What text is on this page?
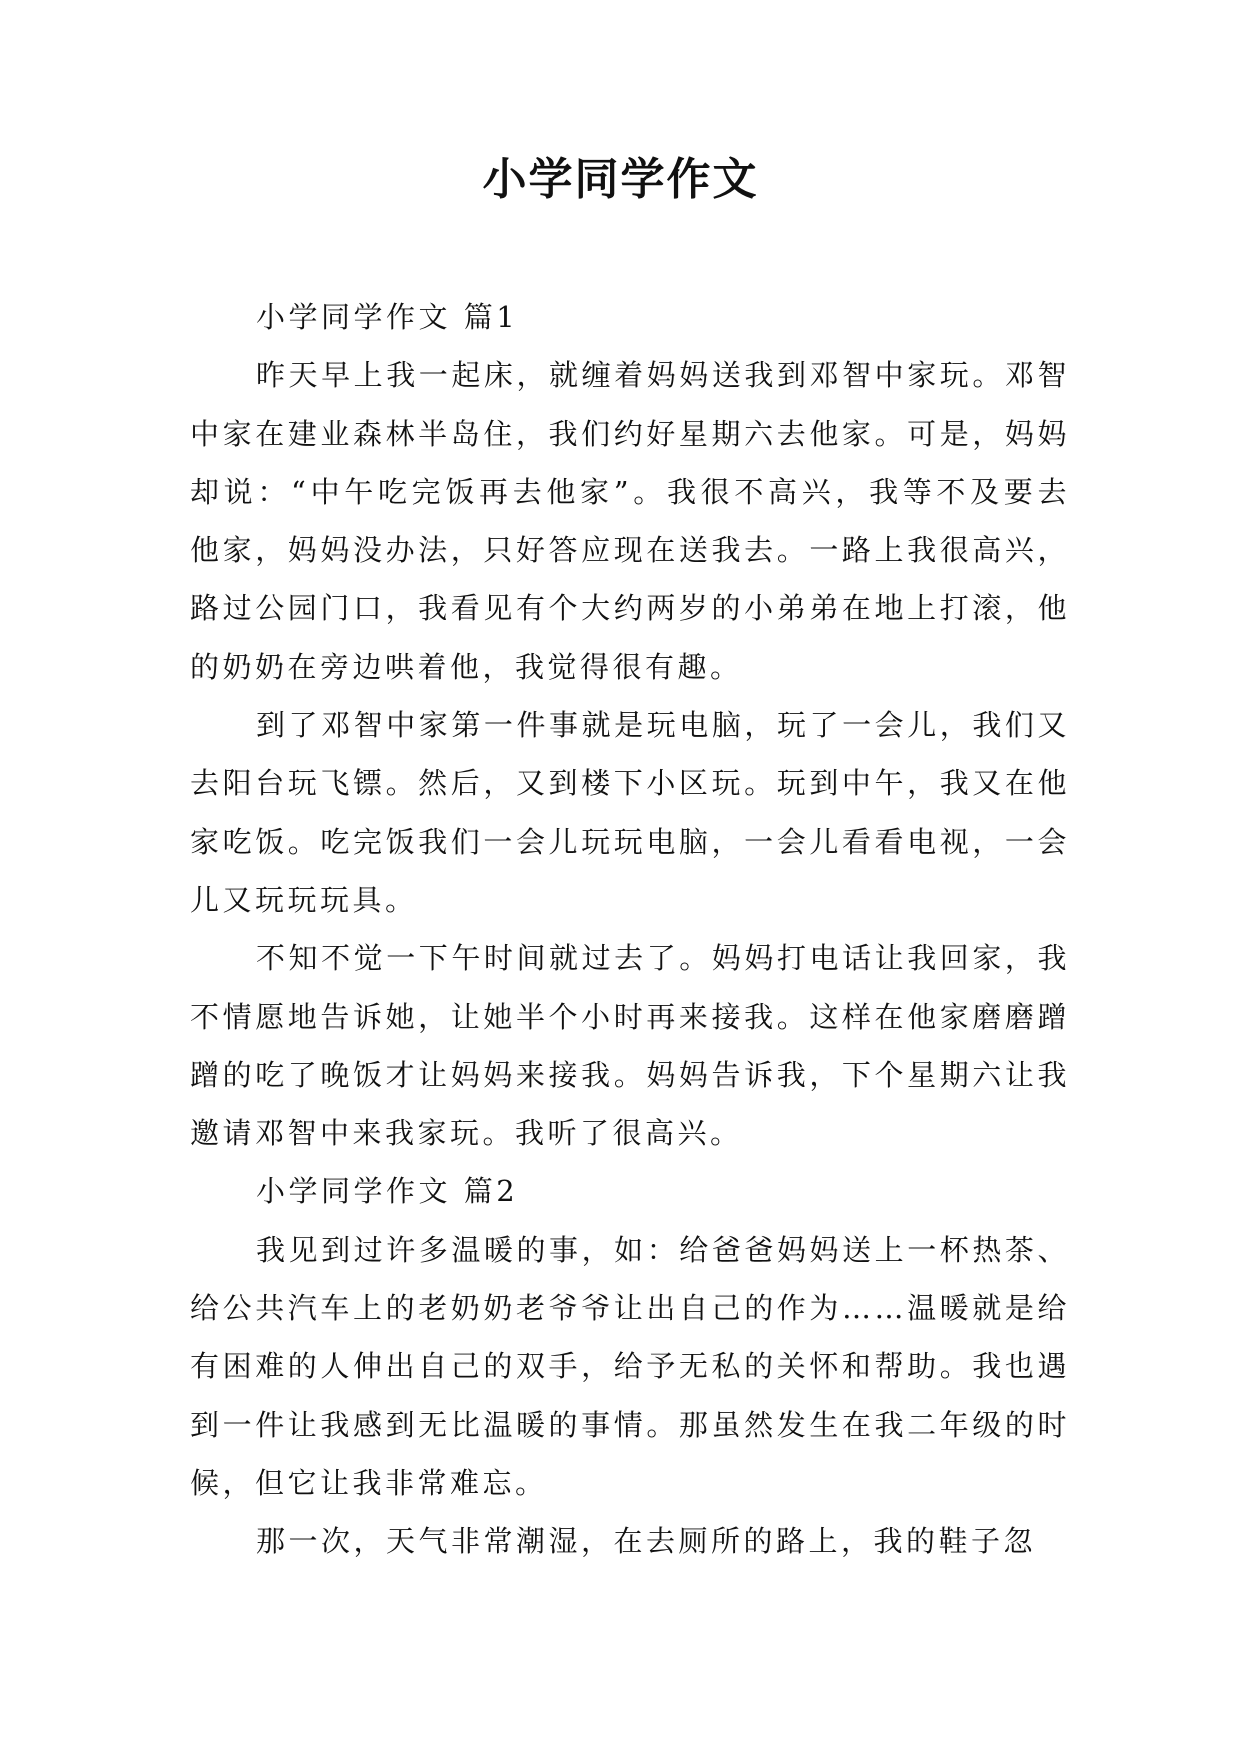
小学同学作文

小学同学作文 篇1

昨天早上我一起床，就缠着妈妈送我到邓智中家玩。邓智中家在建业森林半岛住，我们约好星期六去他家。可是，妈妈却说：“中午吃完饭再去他家”。我很不高兴，我等不及要去他家，妈妈没办法，只好答应现在送我去。一路上我很高兴，路过公园门口，我看见有个大约两岁的小弟弟在地上打滚，他的奶奶在旁边哄着他，我觉得很有趣。

到了邓智中家第一件事就是玩电脑，玩了一会儿，我们又去阳台玩飞镖。然后，又到楼下小区玩。玩到中午，我又在他家吃饭。吃完饭我们一会儿玩玩电脑，一会儿看看电视，一会儿又玩玩玩具。

不知不觉一下午时间就过去了。妈妈打电话让我回家，我不情愿地告诉她，让她半个小时再来接我。这样在他家磨磨蹭蹭的吃了晚饭才让妈妈来接我。妈妈告诉我，下个星期六让我邀请邓智中来我家玩。我听了很高兴。

小学同学作文 篇2

我见到过许多温暖的事，如：给爸爸妈妈送上一杯热茶、给公共汽车上的老奶奶老爷爷让出自己的作为……温暖就是给有困难的人伸出自己的双手，给予无私的关怀和帮助。我也遇到一件让我感到无比温暖的事情。那虽然发生在我二年级的时候，但它让我非常难忘。

那一次，天气非常潮湿，在去厕所的路上，我的鞋子忽
